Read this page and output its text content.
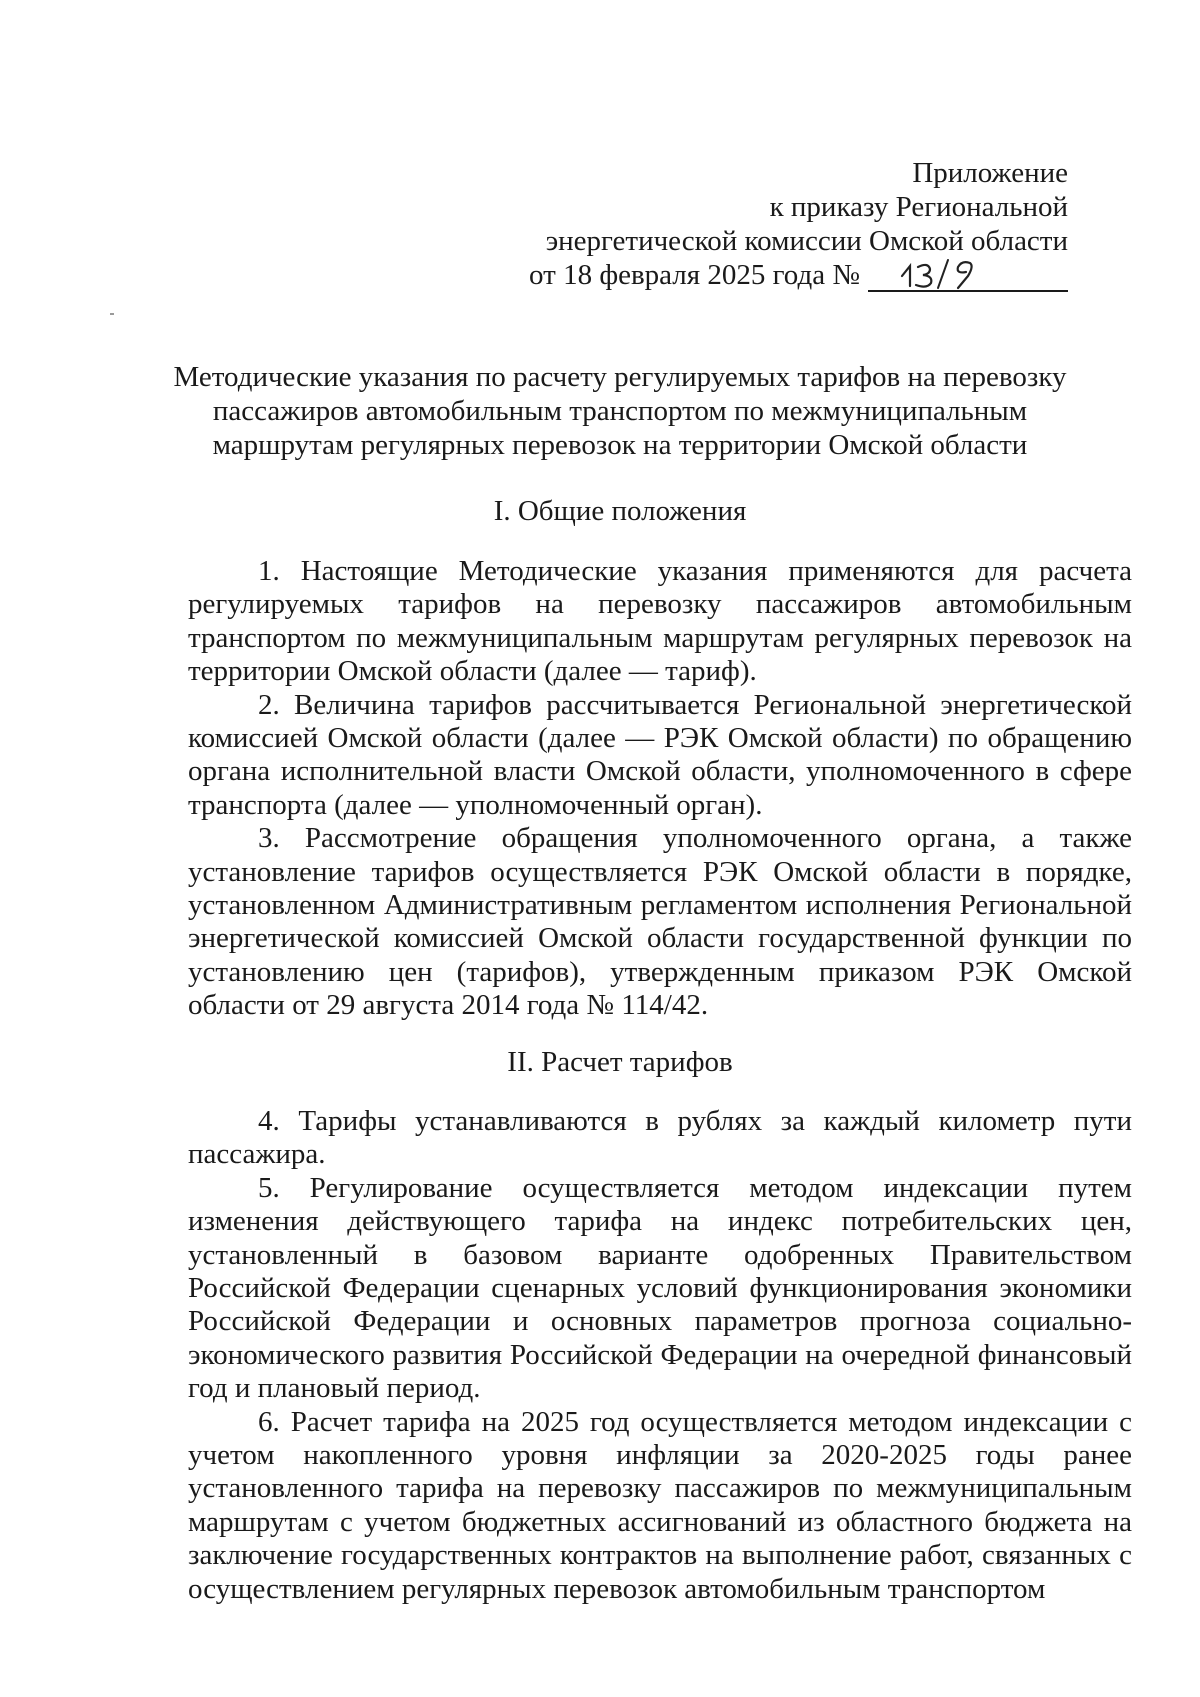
Приложение
к приказу Региональной
энергетической комиссии Омской области
от 18 февраля 2025 года №
Методические указания по расчету регулируемых тарифов на перевозку пассажиров автомобильным транспортом по межмуниципальным маршрутам регулярных перевозок на территории Омской области
I. Общие положения

1. Настоящие Методические указания применяются для расчета регулируемых тарифов на перевозку пассажиров автомобильным транспортом по межмуниципальным маршрутам регулярных перевозок на территории Омской области (далее — тариф).

2. Величина тарифов рассчитывается Региональной энергетической комиссией Омской области (далее — РЭК Омской области) по обращению органа исполнительной власти Омской области, уполномоченного в сфере транспорта (далее — уполномоченный орган).

3. Рассмотрение обращения уполномоченного органа, а также установление тарифов осуществляется РЭК Омской области в порядке, установленном Административным регламентом исполнения Региональной энергетической комиссией Омской области государственной функции по установлению цен (тарифов), утвержденным приказом РЭК Омской области от 29 августа 2014 года № 114/42.

II. Расчет тарифов

4. Тарифы устанавливаются в рублях за каждый километр пути пассажира.

5. Регулирование осуществляется методом индексации путем изменения действующего тарифа на индекс потребительских цен, установленный в базовом варианте одобренных Правительством Российской Федерации сценарных условий функционирования экономики Российской Федерации и основных параметров прогноза социально-экономического развития Российской Федерации на очередной финансовый год и плановый период.

6. Расчет тарифа на 2025 год осуществляется методом индексации с учетом накопленного уровня инфляции за 2020-2025 годы ранее установленного тарифа на перевозку пассажиров по межмуниципальным маршрутам с учетом бюджетных ассигнований из областного бюджета на заключение государственных контрактов на выполнение работ, связанных с осуществлением регулярных перевозок автомобильным транспортом
